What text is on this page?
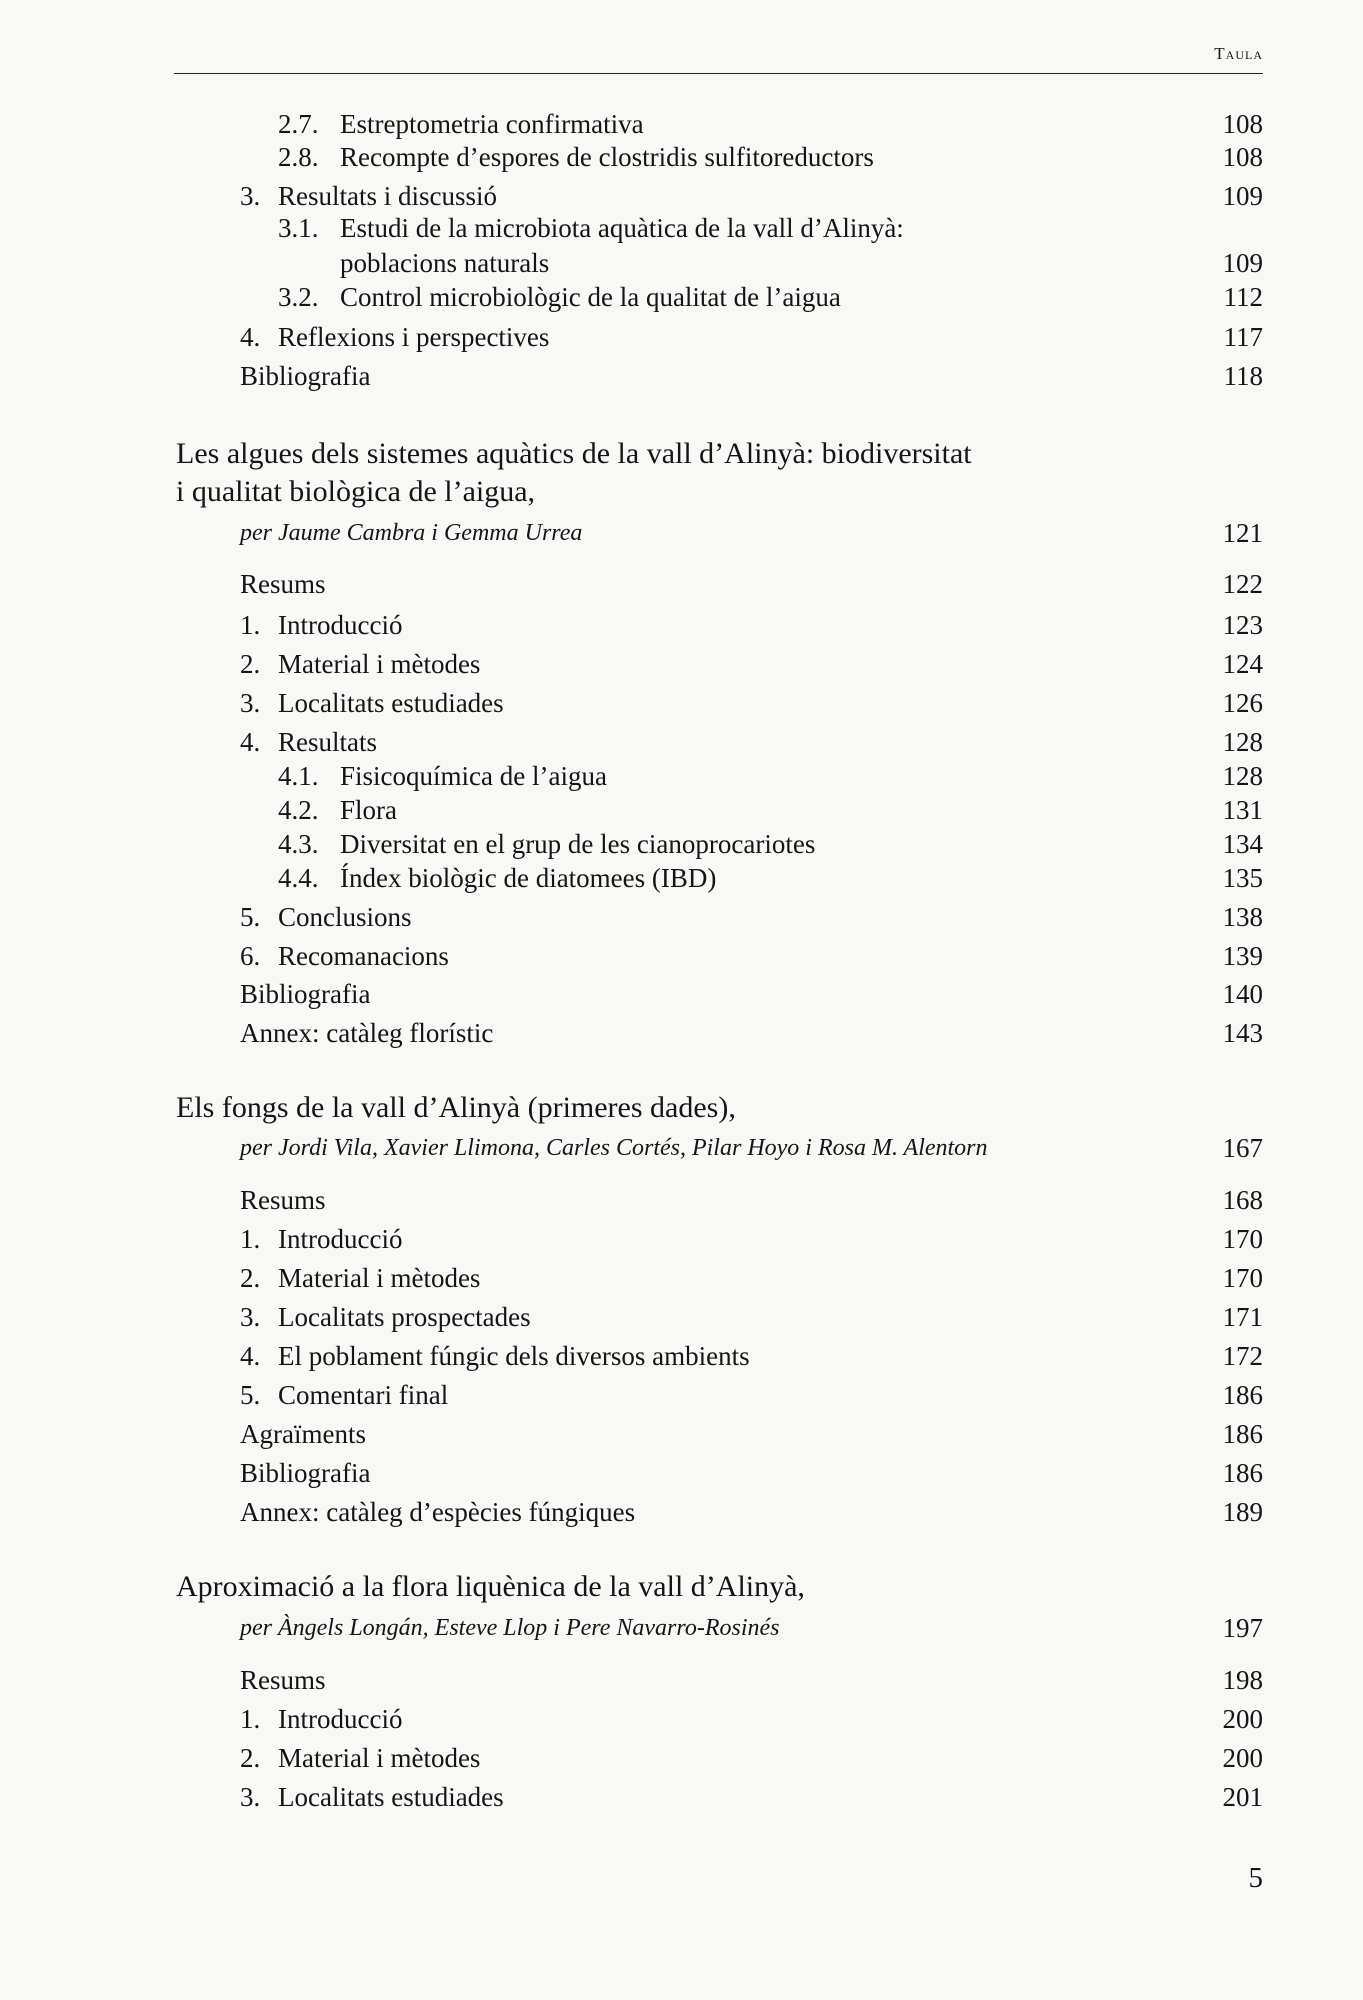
Taula
2.7. Estreptometria confirmativa	108
2.8. Recompte d’espores de clostridis sulfitoreductors	108
3. Resultats i discussió	109
3.1. Estudi de la microbiota aquàtica de la vall d’Alinyà:
poblacions naturals	109
3.2. Control microbiològic de la qualitat de l’aigua	112
4. Reflexions i perspectives	117
Bibliografia	118
Les algues dels sistemes aquàtics de la vall d’Alinyà: biodiversitat
i qualitat biològica de l’aigua,
per Jaume Cambra i Gemma Urrea	121
Resums	122
1. Introducció	123
2. Material i mètodes	124
3. Localitats estudiades	126
4. Resultats	128
4.1. Fisicoquímica de l’aigua	128
4.2. Flora	131
4.3. Diversitat en el grup de les cianoprocariotes	134
4.4. Índex biològic de diatomees (IBD)	135
5. Conclusions	138
6. Recomanacions	139
Bibliografia	140
Annex: catàleg florístic	143
Els fongs de la vall d’Alinyà (primeres dades),
per Jordi Vila, Xavier Llimona, Carles Cortés, Pilar Hoyo i Rosa M. Alentorn	167
Resums	168
1. Introducció	170
2. Material i mètodes	170
3. Localitats prospectades	171
4. El poblament fúngic dels diversos ambients	172
5. Comentari final	186
Agraïments	186
Bibliografia	186
Annex: catàleg d’espècies fúngiques	189
Aproximació a la flora liquènica de la vall d’Alinyà,
per Àngels Longán, Esteve Llop i Pere Navarro-Rosinés	197
Resums	198
1. Introducció	200
2. Material i mètodes	200
3. Localitats estudiades	201
5
